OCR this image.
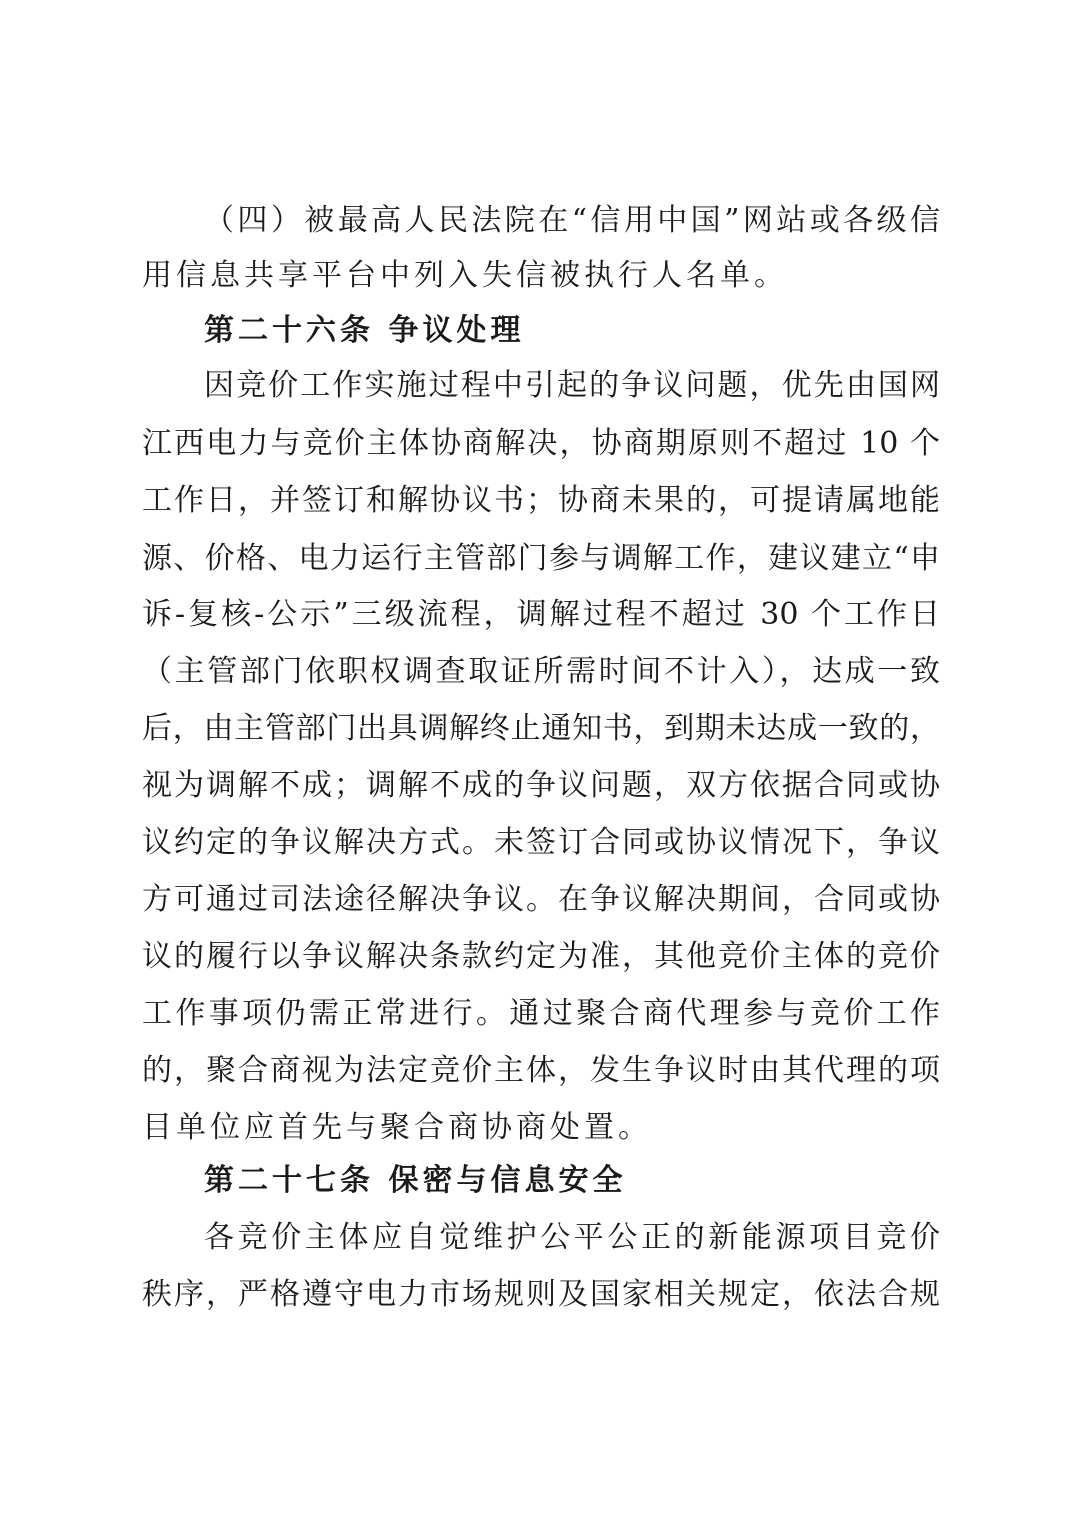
（四）被最高人民法院在“信用中国”网站或各级信
用信息共享平台中列入失信被执行人名单。
第二十六条 争议处理
因竞价工作实施过程中引起的争议问题，优先由国网
江西电力与竞价主体协商解决，协商期原则不超过 10 个
工作日，并签订和解协议书；协商未果的，可提请属地能
源、价格、电力运行主管部门参与调解工作，建议建立“申
诉-复核-公示”三级流程，调解过程不超过 30 个工作日
（主管部门依职权调查取证所需时间不计入），达成一致
后，由主管部门出具调解终止通知书，到期未达成一致的，
视为调解不成；调解不成的争议问题，双方依据合同或协
议约定的争议解决方式。未签订合同或协议情况下，争议
方可通过司法途径解决争议。在争议解决期间，合同或协
议的履行以争议解决条款约定为准，其他竞价主体的竞价
工作事项仍需正常进行。通过聚合商代理参与竞价工作
的，聚合商视为法定竞价主体，发生争议时由其代理的项
目单位应首先与聚合商协商处置。
第二十七条 保密与信息安全
各竞价主体应自觉维护公平公正的新能源项目竞价
秩序，严格遵守电力市场规则及国家相关规定，依法合规
